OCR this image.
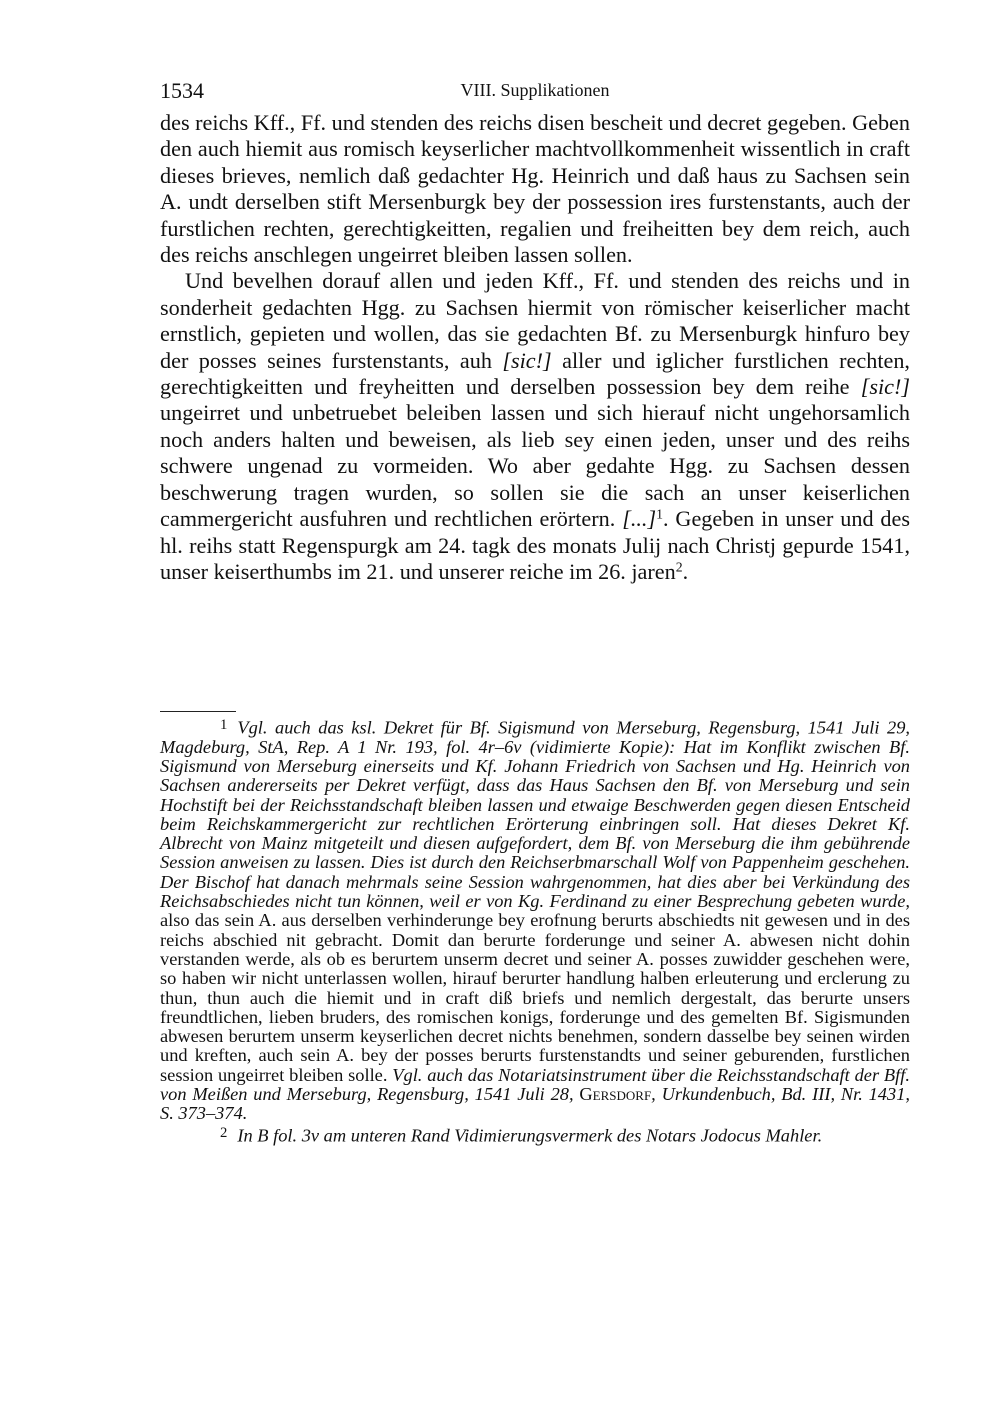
1534	VIII. Supplikationen

des reichs Kff., Ff. und stenden des reichs disen bescheit und decret gegeben. Geben den auch hiemit aus romisch keyserlicher machtvollkommenheit wissentlich in craft dieses brieves, nemlich daß gedachter Hg. Heinrich und daß haus zu Sachsen sein A. undt derselben stift Mersenburgk bey der possession ires furstenstants, auch der furstlichen rechten, gerechtigkeitten, regalien und freiheitten bey dem reich, auch des reichs anschlegen ungeirret bleiben lassen sollen.

Und bevelhen dorauf allen und jeden Kff., Ff. und stenden des reichs und in sonderheit gedachten Hgg. zu Sachsen hiermit von römischer keiserlicher macht ernstlich, gepieten und wollen, das sie gedachten Bf. zu Mersenburgk hinfuro bey der posses seines furstenstants, auh [sic!] aller und iglicher furstlichen rechten, gerechtigkeitten und freyheitten und derselben possession bey dem reihe [sic!] ungeirret und unbetruebet beleiben lassen und sich hierauf nicht ungehorsamlich noch anders halten und beweisen, als lieb sey einen jeden, unser und des reihs schwere ungenad zu vormeiden. Wo aber gedahte Hgg. zu Sachsen dessen beschwerung tragen wurden, so sollen sie die sach an unser keiserlichen cammergericht ausfuhren und rechtlichen erörtern. [...]$^1$. Gegeben in unser und des hl. reihs statt Regenspurgk am 24. tagk des monats Julij nach Christj gepurde 1541, unser keiserthumbs im 21. und unserer reiche im 26. jaren$^2$.

1 Vgl. auch das ksl. Dekret für Bf. Sigismund von Merseburg, Regensburg, 1541 Juli 29, Magdeburg, StA, Rep. A 1 Nr. 193, fol. 4r–6v (vidimierte Kopie): Hat im Konflikt zwischen Bf. Sigismund von Merseburg einerseits und Kf. Johann Friedrich von Sachsen und Hg. Heinrich von Sachsen andererseits per Dekret verfügt, dass das Haus Sachsen den Bf. von Merseburg und sein Hochstift bei der Reichsstandschaft bleiben lassen und etwaige Beschwerden gegen diesen Entscheid beim Reichskammergericht zur rechtlichen Erörterung einbringen soll. Hat dieses Dekret Kf. Albrecht von Mainz mitgeteilt und diesen aufgefordert, dem Bf. von Merseburg die ihm gebührende Session anweisen zu lassen. Dies ist durch den Reichserbmarschall Wolf von Pappenheim geschehen. Der Bischof hat danach mehrmals seine Session wahrgenommen, hat dies aber bei Verkündung des Reichsabschiedes nicht tun können, weil er von Kg. Ferdinand zu einer Besprechung gebeten wurde, also das sein A. aus derselben verhinderunge bey erofnung berurts abschiedts nit gewesen und in des reichs abschied nit gebracht. Domit dan berurte forderunge und seiner A. abwesen nicht dohin verstanden werde, als ob es berurtem unserm decret und seiner A. posses zuwidder geschehen were, so haben wir nicht unterlassen wollen, hirauf berurter handlung halben erleuterung und erclerung zu thun, thun auch die hiemit und in craft diß briefs und nemlich dergestalt, das berurte unsers freundtlichen, lieben bruders, des romischen konigs, forderunge und des gemelten Bf. Sigismunden abwesen berurtem unserm keyserlichen decret nichts benehmen, sondern dasselbe bey seinen wirden und kreften, auch sein A. bey der posses berurts furstenstandts und seiner geburenden, furstlichen session ungeirret bleiben solle. Vgl. auch das Notariatsinstrument über die Reichsstandschaft der Bff. von Meißen und Merseburg, Regensburg, 1541 Juli 28, Gersdorf, Urkundenbuch, Bd. III, Nr. 1431, S. 373–374.

2 In B fol. 3v am unteren Rand Vidimierungsvermerk des Notars Jodocus Mahler.
